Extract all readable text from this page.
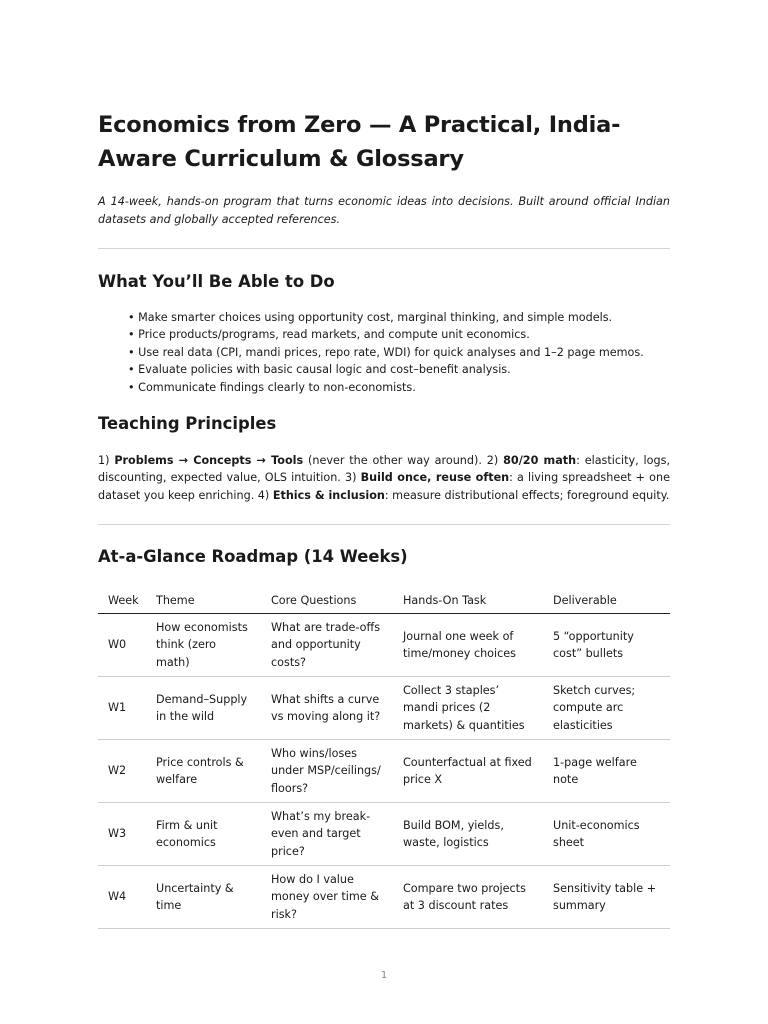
Economics from Zero — A Practical, India-Aware Curriculum & Glossary

A 14-week, hands-on program that turns economic ideas into decisions. Built around official Indian datasets and globally accepted references.

What You’ll Be Able to Do
• Make smarter choices using opportunity cost, marginal thinking, and simple models.
• Price products/programs, read markets, and compute unit economics.
• Use real data (CPI, mandi prices, repo rate, WDI) for quick analyses and 1–2 page memos.
• Evaluate policies with basic causal logic and cost–benefit analysis.
• Communicate findings clearly to non-economists.
Teaching Principles

1) Problems → Concepts → Tools (never the other way around). 2) 80/20 math: elasticity, logs, discounting, expected value, OLS intuition. 3) Build once, reuse often: a living spreadsheet + one dataset you keep enriching. 4) Ethics & inclusion: measure distributional effects; foreground equity.

At-a-Glance Roadmap (14 Weeks)
Week	Theme	Core Questions	Hands-On Task	Deliverable
W0	How economists think (zero math)	What are trade-offs and opportunity costs?	Journal one week of time/money choices	5 “opportunity cost” bullets
W1	Demand–Supply in the wild	What shifts a curve vs moving along it?	Collect 3 staples’ mandi prices (2 markets) & quantities	Sketch curves; compute arc elasticities
W2	Price controls & welfare	Who wins/loses under MSP/ceilings/ floors?	Counterfactual at fixed price X	1-page welfare note
W3	Firm & unit economics	What’s my break-even and target price?	Build BOM, yields, waste, logistics	Unit-economics sheet
W4	Uncertainty & time	How do I value money over time & risk?	Compare two projects at 3 discount rates	Sensitivity table + summary
1
